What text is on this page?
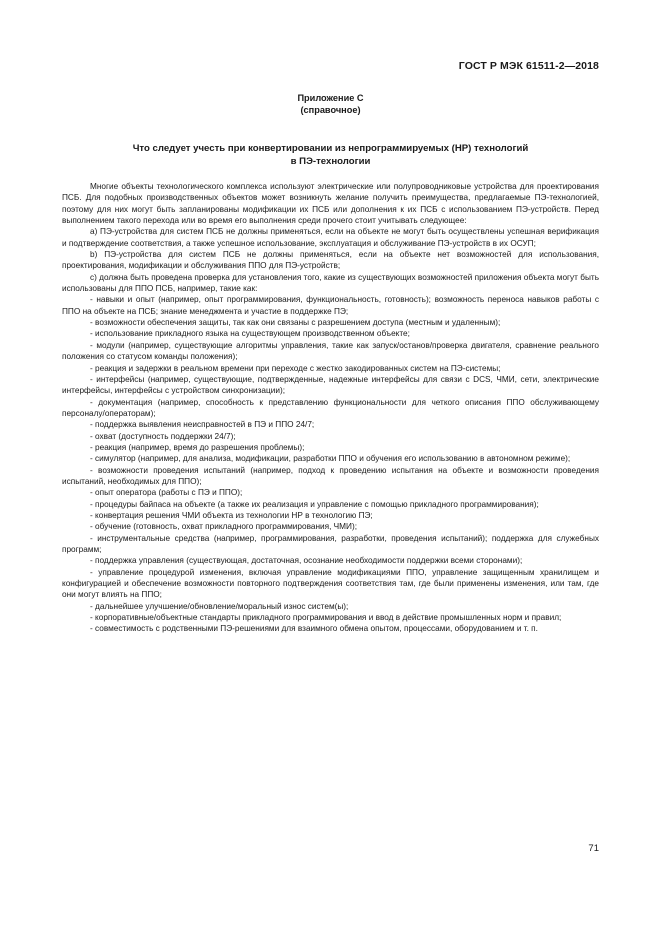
ГОСТ Р МЭК 61511-2—2018
Приложение С
(справочное)
Что следует учесть при конвертировании из непрограммируемых (НР) технологий
в ПЭ-технологии

Многие объекты технологического комплекса используют электрические или полупроводниковые устройства для проектирования ПСБ. Для подобных производственных объектов может возникнуть желание получить преимущества, предлагаемые ПЭ-технологией, поэтому для них могут быть запланированы модификации их ПСБ или дополнения к их ПСБ с использованием ПЭ-устройств. Перед выполнением такого перехода или во время его выполнения среди прочего стоит учитывать следующее:

а) ПЭ-устройства для систем ПСБ не должны применяться, если на объекте не могут быть осуществлены успешная верификация и подтверждение соответствия, а также успешное использование, эксплуатация и обслуживание ПЭ-устройств в их ОСУП;

b) ПЭ-устройства для систем ПСБ не должны применяться, если на объекте нет возможностей для использования, проектирования, модификации и обслуживания ППО для ПЭ-устройств;

с) должна быть проведена проверка для установления того, какие из существующих возможностей приложения объекта могут быть использованы для ППО ПСБ, например, такие как:

- навыки и опыт (например, опыт программирования, функциональность, готовность); возможность переноса навыков работы с ППО на объекте на ПСБ; знание менеджмента и участие в поддержке ПЭ;

- возможности обеспечения защиты, так как они связаны с разрешением доступа (местным и удаленным);

- использование прикладного языка на существующем производственном объекте;

- модули (например, существующие алгоритмы управления, такие как запуск/останов/проверка двигателя, сравнение реального положения со статусом команды положения);

- реакция и задержки в реальном времени при переходе с жестко закодированных систем на ПЭ-системы;

- интерфейсы (например, существующие, подтвержденные, надежные интерфейсы для связи с DCS, ЧМИ, сети, электрические интерфейсы, интерфейсы с устройством синхронизации);

- документация (например, способность к представлению функциональности для четкого описания ППО обслуживающему персоналу/операторам);

- поддержка выявления неисправностей в ПЭ и ППО 24/7;

- охват (доступность поддержки 24/7);

- реакция (например, время до разрешения проблемы);

- симулятор (например, для анализа, модификации, разработки ППО и обучения его использованию в автономном режиме);

- возможности проведения испытаний (например, подход к проведению испытания на объекте и возможности проведения испытаний, необходимых для ППО);

- опыт оператора (работы с ПЭ и ППО);

- процедуры байпаса на объекте (а также их реализация и управление с помощью прикладного программирования);

- конвертация решения ЧМИ объекта из технологии НР в технологию ПЭ;

- обучение (готовность, охват прикладного программирования, ЧМИ);

- инструментальные средства (например, программирования, разработки, проведения испытаний); поддержка для служебных программ;

- поддержка управления (существующая, достаточная, осознание необходимости поддержки всеми сторонами);

- управление процедурой изменения, включая управление модификациями ППО, управление защищенным хранилищем и конфигурацией и обеспечение возможности повторного подтверждения соответствия там, где были применены изменения, или там, где они могут влиять на ППО;

- дальнейшее улучшение/обновление/моральный износ систем(ы);

- корпоративные/объектные стандарты прикладного программирования и ввод в действие промышленных норм и правил;

- совместимость с родственными ПЭ-решениями для взаимного обмена опытом, процессами, оборудованием и т. п.

71
